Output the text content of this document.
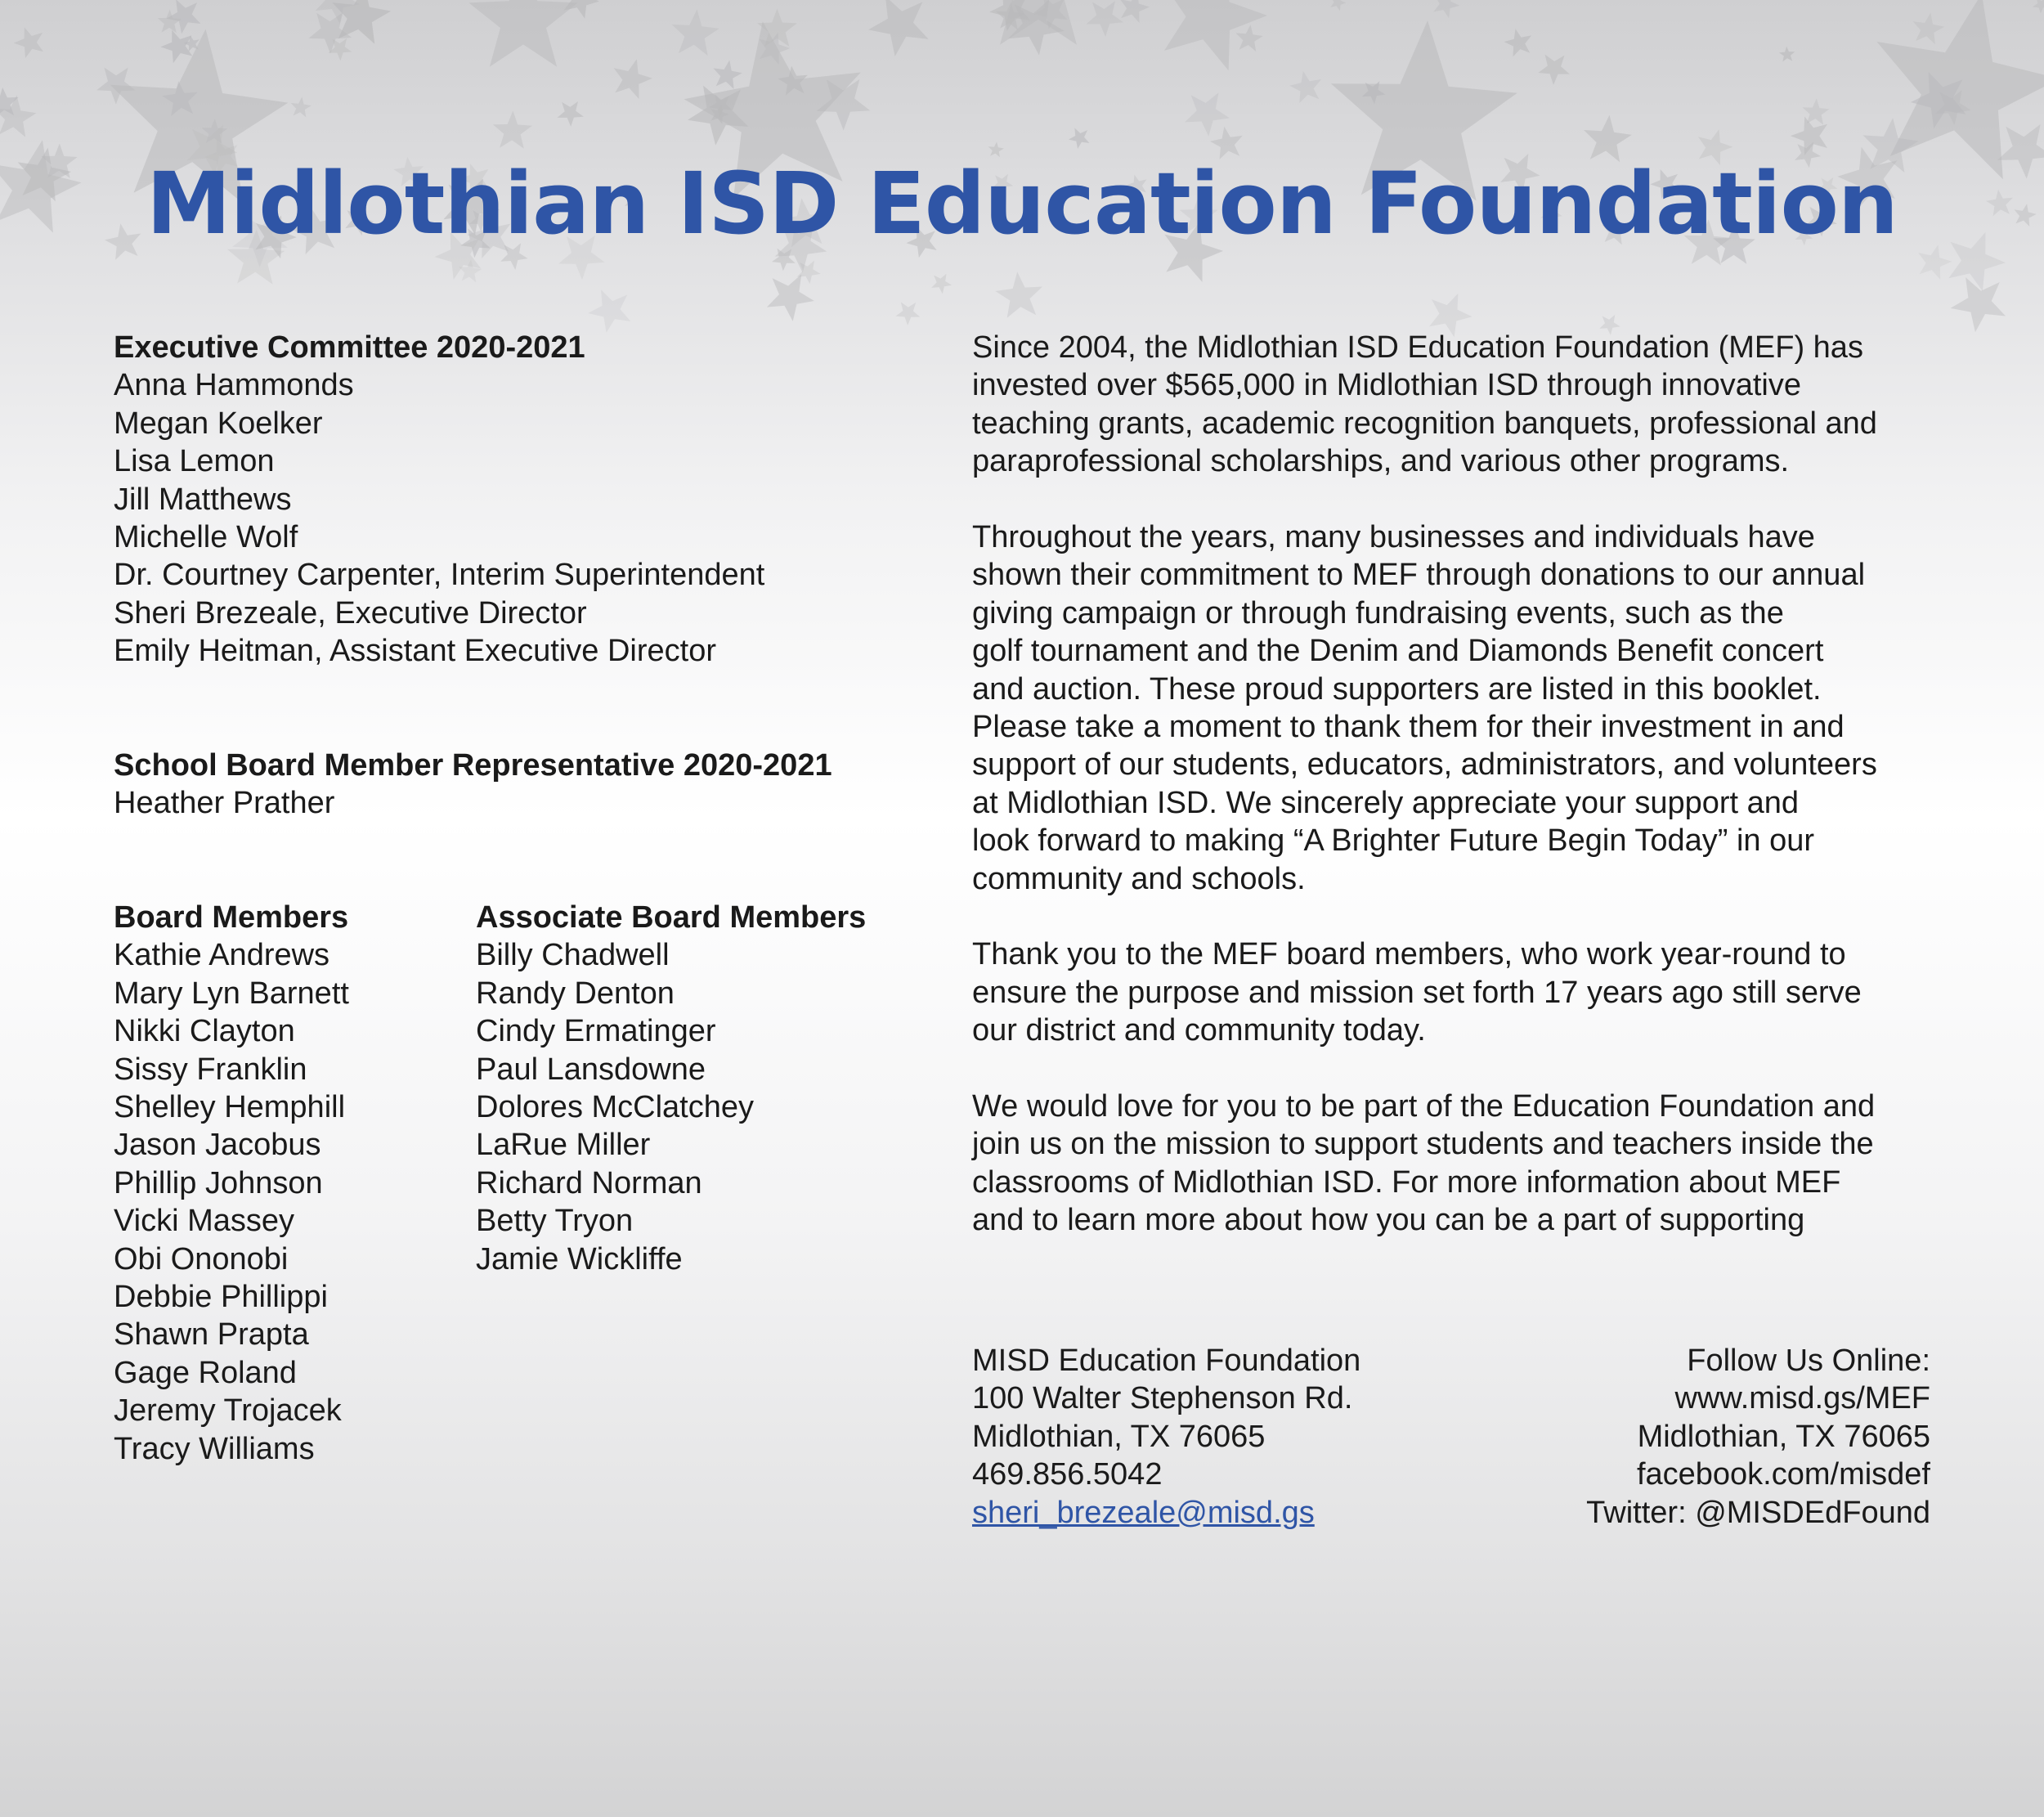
Midlothian ISD Education Foundation
Executive Committee 2020-2021
Anna Hammonds
Megan Koelker
Lisa Lemon
Jill Matthews
Michelle Wolf
Dr. Courtney Carpenter, Interim Superintendent
Sheri Brezeale, Executive Director
Emily Heitman, Assistant Executive Director
School Board Member Representative 2020-2021
Heather Prather
Board Members
Kathie Andrews
Mary Lyn Barnett
Nikki Clayton
Sissy Franklin
Shelley Hemphill
Jason Jacobus
Phillip Johnson
Vicki Massey
Obi Ononobi
Debbie Phillippi
Shawn Prapta
Gage Roland
Jeremy Trojacek
Tracy Williams
Associate Board Members
Billy Chadwell
Randy Denton
Cindy Ermatinger
Paul Lansdowne
Dolores McClatchey
LaRue Miller
Richard Norman
Betty Tryon
Jamie Wickliffe
Since 2004, the Midlothian ISD Education Foundation (MEF) has
invested over $565,000 in Midlothian ISD through innovative
teaching grants, academic recognition banquets, professional and
paraprofessional scholarships, and various other programs.
Throughout the years, many businesses and individuals have
shown their commitment to MEF through donations to our annual
giving campaign or through fundraising events, such as the
golf tournament and the Denim and Diamonds Benefit concert
and auction. These proud supporters are listed in this booklet.
Please take a moment to thank them for their investment in and
support of our students, educators, administrators, and volunteers
at Midlothian ISD. We sincerely appreciate your support and
look forward to making “A Brighter Future Begin Today” in our
community and schools.
Thank you to the MEF board members, who work year-round to
ensure the purpose and mission set forth 17 years ago still serve
our district and community today.
We would love for you to be part of the Education Foundation and
join us on the mission to support students and teachers inside the
classrooms of Midlothian ISD. For more information about MEF
and to learn more about how you can be a part of supporting
MISD Education Foundation
100 Walter Stephenson Rd.
Midlothian, TX 76065
469.856.5042
sheri_brezeale@misd.gs
Follow Us Online:
www.misd.gs/MEF
Midlothian, TX 76065
facebook.com/misdef
Twitter: @MISDEdFound
